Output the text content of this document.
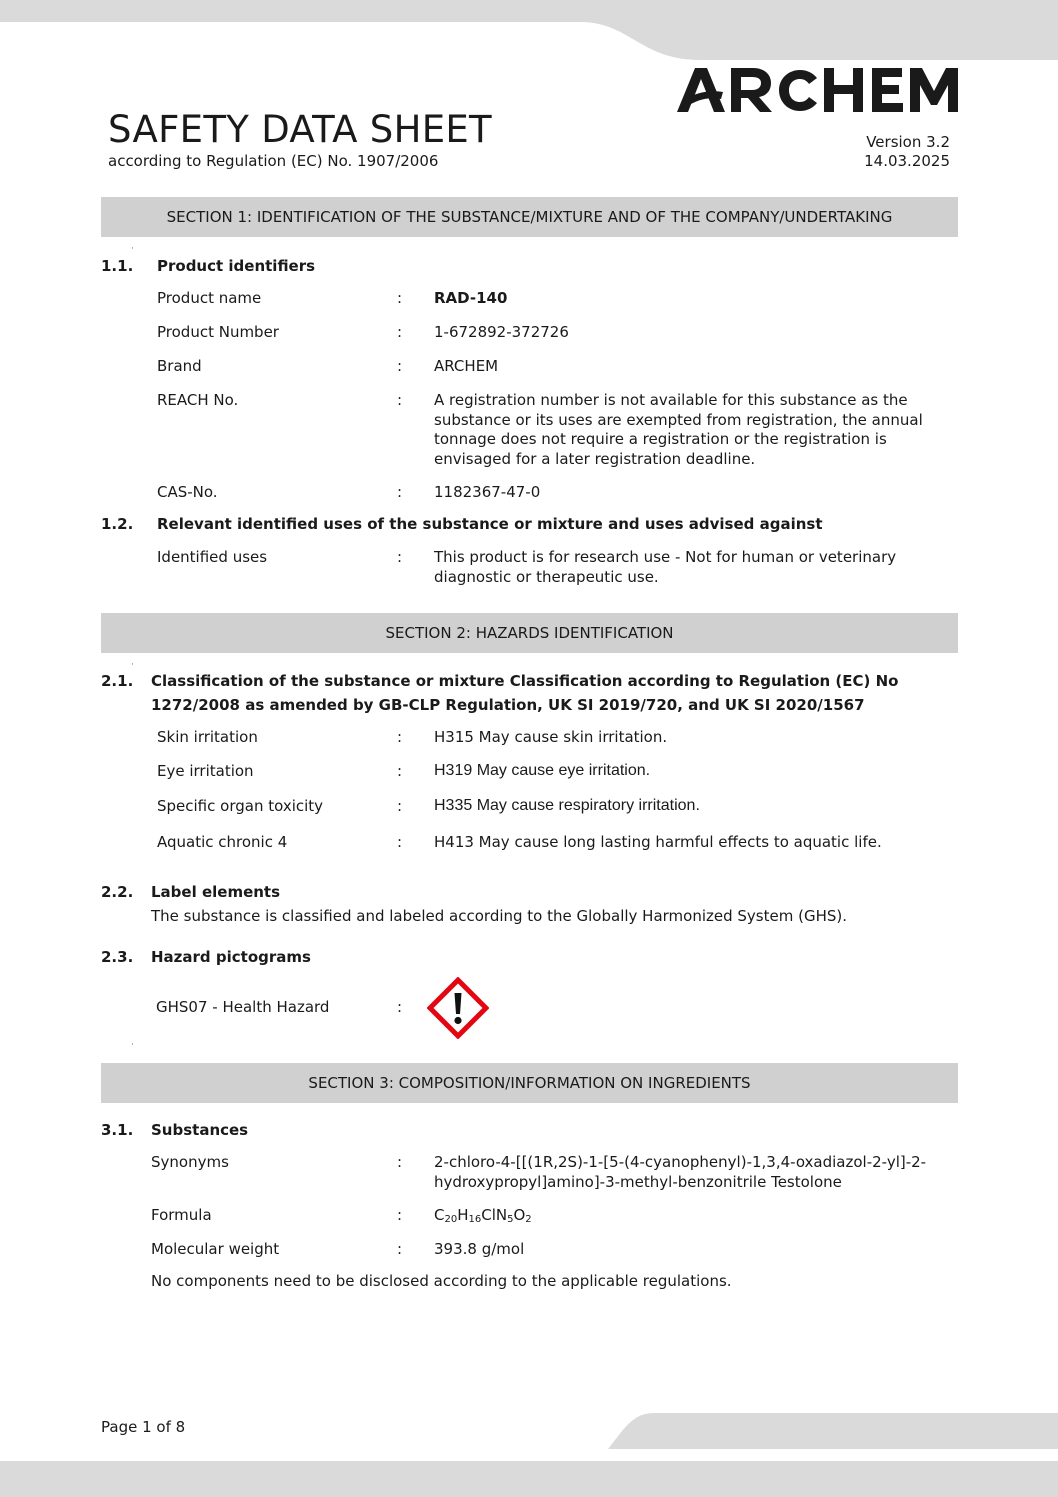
SAFETY DATA SHEET
according to Regulation (EC) No. 1907/2006
Version 3.2
14.03.2025
SECTION 1: IDENTIFICATION OF THE SUBSTANCE/MIXTURE AND OF THE COMPANY/UNDERTAKING
·
1.1. Product identifiers
Product name	: RAD-140
Product Number	: 1-672892-372726
Brand	: ARCHEM
REACH No.	: A registration number is not available for this substance as the substance or its uses are exempted from registration, the annual tonnage does not require a registration or the registration is envisaged for a later registration deadline.
CAS-No.	: 1182367-47-0
1.2. Relevant identified uses of the substance or mixture and uses advised against
Identified uses	: This product is for research use - Not for human or veterinary diagnostic or therapeutic use.
SECTION 2: HAZARDS IDENTIFICATION
·
2.1. Classification of the substance or mixture Classification according to Regulation (EC) No 1272/2008 as amended by GB-CLP Regulation, UK SI 2019/720, and UK SI 2020/1567
Skin irritation	: H315 May cause skin irritation.
Eye irritation	: H319 May cause eye irritation.
Specific organ toxicity	: H335 May cause respiratory irritation.
Aquatic chronic 4	: H413 May cause long lasting harmful effects to aquatic life.
2.2. Label elements
The substance is classified and labeled according to the Globally Harmonized System (GHS).
2.3. Hazard pictograms
GHS07 - Health Hazard	:
·
SECTION 3: COMPOSITION/INFORMATION ON INGREDIENTS
3.1. Substances
Synonyms	: 2-chloro-4-[[(1R,2S)-1-[5-(4-cyanophenyl)-1,3,4-oxadiazol-2-yl]-2-hydroxypropyl]amino]-3-methyl-benzonitrile Testolone
Formula	: $C_{20}H_{16}ClN_5O_2$
Molecular weight	: 393.8 g/mol
No components need to be disclosed according to the applicable regulations.
Page 1 of 8
